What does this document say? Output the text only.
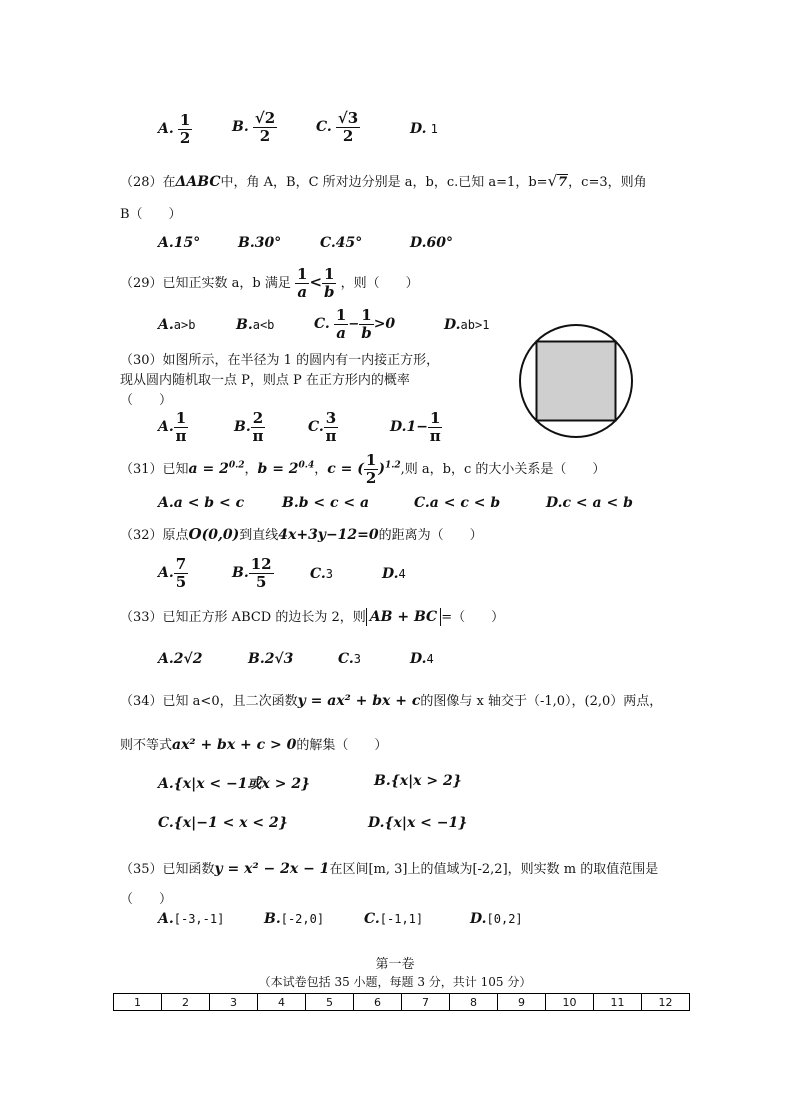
A. $\frac{1}{2}$	B. $\frac{√2}{2}$	C. $\frac{√3}{2}$	D. 1
（28）在ΔABC中，角 A，B，C 所对边分别是 a，b，c.已知 a=1，b=√7，c=3，则角
B（　　）
A.15°	B.30°	C.45°	D.60°
（29）已知正实数 a，b 满足 $\frac{1}{a} < \frac{1}{b}$ ，则（　　）
A.a>b	B.a<b	C. $\frac{1}{a} - \frac{1}{b} >0$	D.ab>1
（30）如图所示，在半径为 1 的圆内有一内接正方形，
现从圆内随机取一点 P，则点 P 在正方形内的概率
（　　）
A. $\frac{1}{\pi}$	B. $\frac{2}{\pi}$	C. $\frac{3}{\pi}$	$D.1- \frac{1}{\pi}$
（31）已知$a = 2^{0.2}$，$b = 2^{0.4}$，c = ( $\frac{1}{2} )^{1.2}$,则 a，b，c 的大小关系是（　　）
A.a < b < c	B.b < c < a	C.a < c < b	D.c < a < b
（32）原点O(0,0)到直线4x+3y−12=0的距离为（　　）
A. $\frac{7}{5}$	B. $\frac{12}{5}$	C.3	D.4
（33）已知正方形 ABCD 的边长为 2，则 AB + BC =（　　）
A.2√2	B.2√3	C.3	D.4
（34）已知 a<0，且二次函数y = ax² + bx + c的图像与 x 轴交于（-1,0），(2,0）两点，
则不等式ax² + bx + c > 0的解集（　　）
A.{x|x < −1或x > 2}	B.{x|x > 2}
C.{x|−1 < x < 2}	D.{x|x < −1}
（35）已知函数y = x² − 2x − 1在区间[m, 3]上的值域为[-2,2]，则实数 m 的取值范围是
（　　）
A.[-3,-1]	B.[-2,0]	C.[-1,1]	D.[0,2]
第一卷
（本试卷包括 35 小题，每题 3 分，共计 105 分）
1	2	3	4	5	6	7	8	9	10	11	12
